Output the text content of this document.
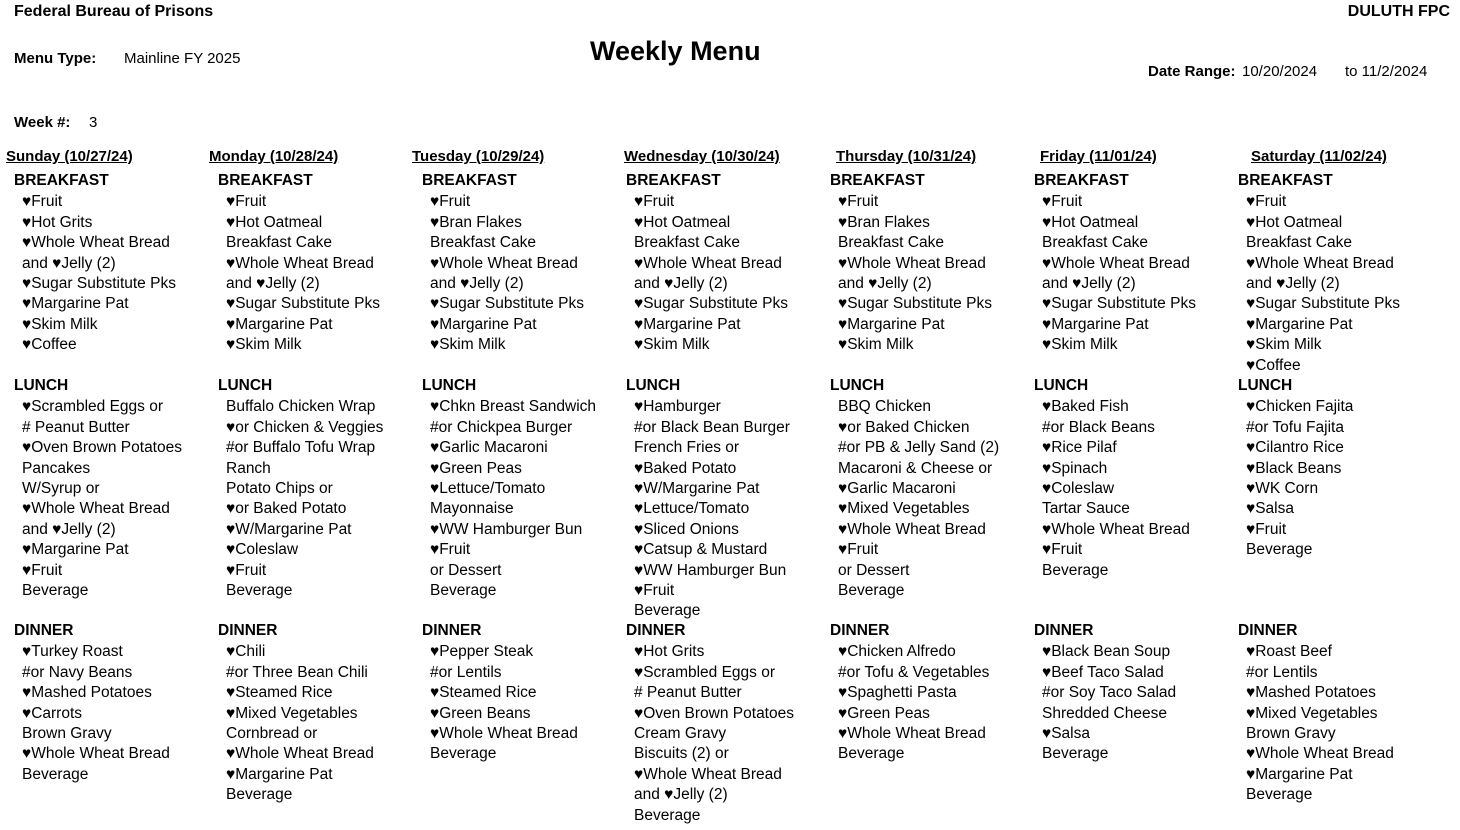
Federal Bureau of Prisons	DULUTH FPC
Weekly Menu
Menu Type: Mainline FY 2025
Date Range: 10/20/2024 to 11/2/2024
Week #: 3
Sunday (10/27/24)
BREAKFAST
♥Fruit
♥Hot Grits
♥Whole Wheat Bread
and ♥Jelly (2)
♥Sugar Substitute Pks
♥Margarine Pat
♥Skim Milk
♥Coffee
LUNCH
♥Scrambled Eggs or
# Peanut Butter
♥Oven Brown Potatoes
Pancakes
W/Syrup or
♥Whole Wheat Bread
and ♥Jelly (2)
♥Margarine Pat
♥Fruit
Beverage
DINNER
♥Turkey Roast
#or Navy Beans
♥Mashed Potatoes
♥Carrots
Brown Gravy
♥Whole Wheat Bread
Beverage
Monday (10/28/24)
BREAKFAST
♥Fruit
♥Hot Oatmeal
Breakfast Cake
♥Whole Wheat Bread
and ♥Jelly (2)
♥Sugar Substitute Pks
♥Margarine Pat
♥Skim Milk
LUNCH
Buffalo Chicken Wrap
♥or Chicken & Veggies
#or Buffalo Tofu Wrap
Ranch
Potato Chips or
♥or Baked Potato
♥W/Margarine Pat
♥Coleslaw
♥Fruit
Beverage
DINNER
♥Chili
#or Three Bean Chili
♥Steamed Rice
♥Mixed Vegetables
Cornbread or
♥Whole Wheat Bread
♥Margarine Pat
Beverage
Tuesday (10/29/24)
BREAKFAST
♥Fruit
♥Bran Flakes
Breakfast Cake
♥Whole Wheat Bread
and ♥Jelly (2)
♥Sugar Substitute Pks
♥Margarine Pat
♥Skim Milk
LUNCH
♥Chkn Breast Sandwich
#or Chickpea Burger
♥Garlic Macaroni
♥Green Peas
♥Lettuce/Tomato
Mayonnaise
♥WW Hamburger Bun
♥Fruit
or Dessert
Beverage
DINNER
♥Pepper Steak
#or Lentils
♥Steamed Rice
♥Green Beans
♥Whole Wheat Bread
Beverage
Wednesday (10/30/24)
BREAKFAST
♥Fruit
♥Hot Oatmeal
Breakfast Cake
♥Whole Wheat Bread
and ♥Jelly (2)
♥Sugar Substitute Pks
♥Margarine Pat
♥Skim Milk
LUNCH
♥Hamburger
#or Black Bean Burger
French Fries or
♥Baked Potato
♥W/Margarine Pat
♥Lettuce/Tomato
♥Sliced Onions
♥Catsup & Mustard
♥WW Hamburger Bun
♥Fruit
Beverage
DINNER
♥Hot Grits
♥Scrambled Eggs or
# Peanut Butter
♥Oven Brown Potatoes
Cream Gravy
Biscuits (2) or
♥Whole Wheat Bread
and ♥Jelly (2)
Beverage
Thursday (10/31/24)
BREAKFAST
♥Fruit
♥Bran Flakes
Breakfast Cake
♥Whole Wheat Bread
and ♥Jelly (2)
♥Sugar Substitute Pks
♥Margarine Pat
♥Skim Milk
LUNCH
BBQ Chicken
♥or Baked Chicken
#or PB & Jelly Sand (2)
Macaroni & Cheese or
♥Garlic Macaroni
♥Mixed Vegetables
♥Whole Wheat Bread
♥Fruit
or Dessert
Beverage
DINNER
♥Chicken Alfredo
#or Tofu & Vegetables
♥Spaghetti Pasta
♥Green Peas
♥Whole Wheat Bread
Beverage
Friday (11/01/24)
BREAKFAST
♥Fruit
♥Hot Oatmeal
Breakfast Cake
♥Whole Wheat Bread
and ♥Jelly (2)
♥Sugar Substitute Pks
♥Margarine Pat
♥Skim Milk
LUNCH
♥Baked Fish
#or Black Beans
♥Rice Pilaf
♥Spinach
♥Coleslaw
Tartar Sauce
♥Whole Wheat Bread
♥Fruit
Beverage
DINNER
♥Black Bean Soup
♥Beef Taco Salad
#or Soy Taco Salad
Shredded Cheese
♥Salsa
Beverage
Saturday (11/02/24)
BREAKFAST
♥Fruit
♥Hot Oatmeal
Breakfast Cake
♥Whole Wheat Bread
and ♥Jelly (2)
♥Sugar Substitute Pks
♥Margarine Pat
♥Skim Milk
♥Coffee
LUNCH
♥Chicken Fajita
#or Tofu Fajita
♥Cilantro Rice
♥Black Beans
♥WK Corn
♥Salsa
♥Fruit
Beverage
DINNER
♥Roast Beef
#or Lentils
♥Mashed Potatoes
♥Mixed Vegetables
Brown Gravy
♥Whole Wheat Bread
♥Margarine Pat
Beverage
